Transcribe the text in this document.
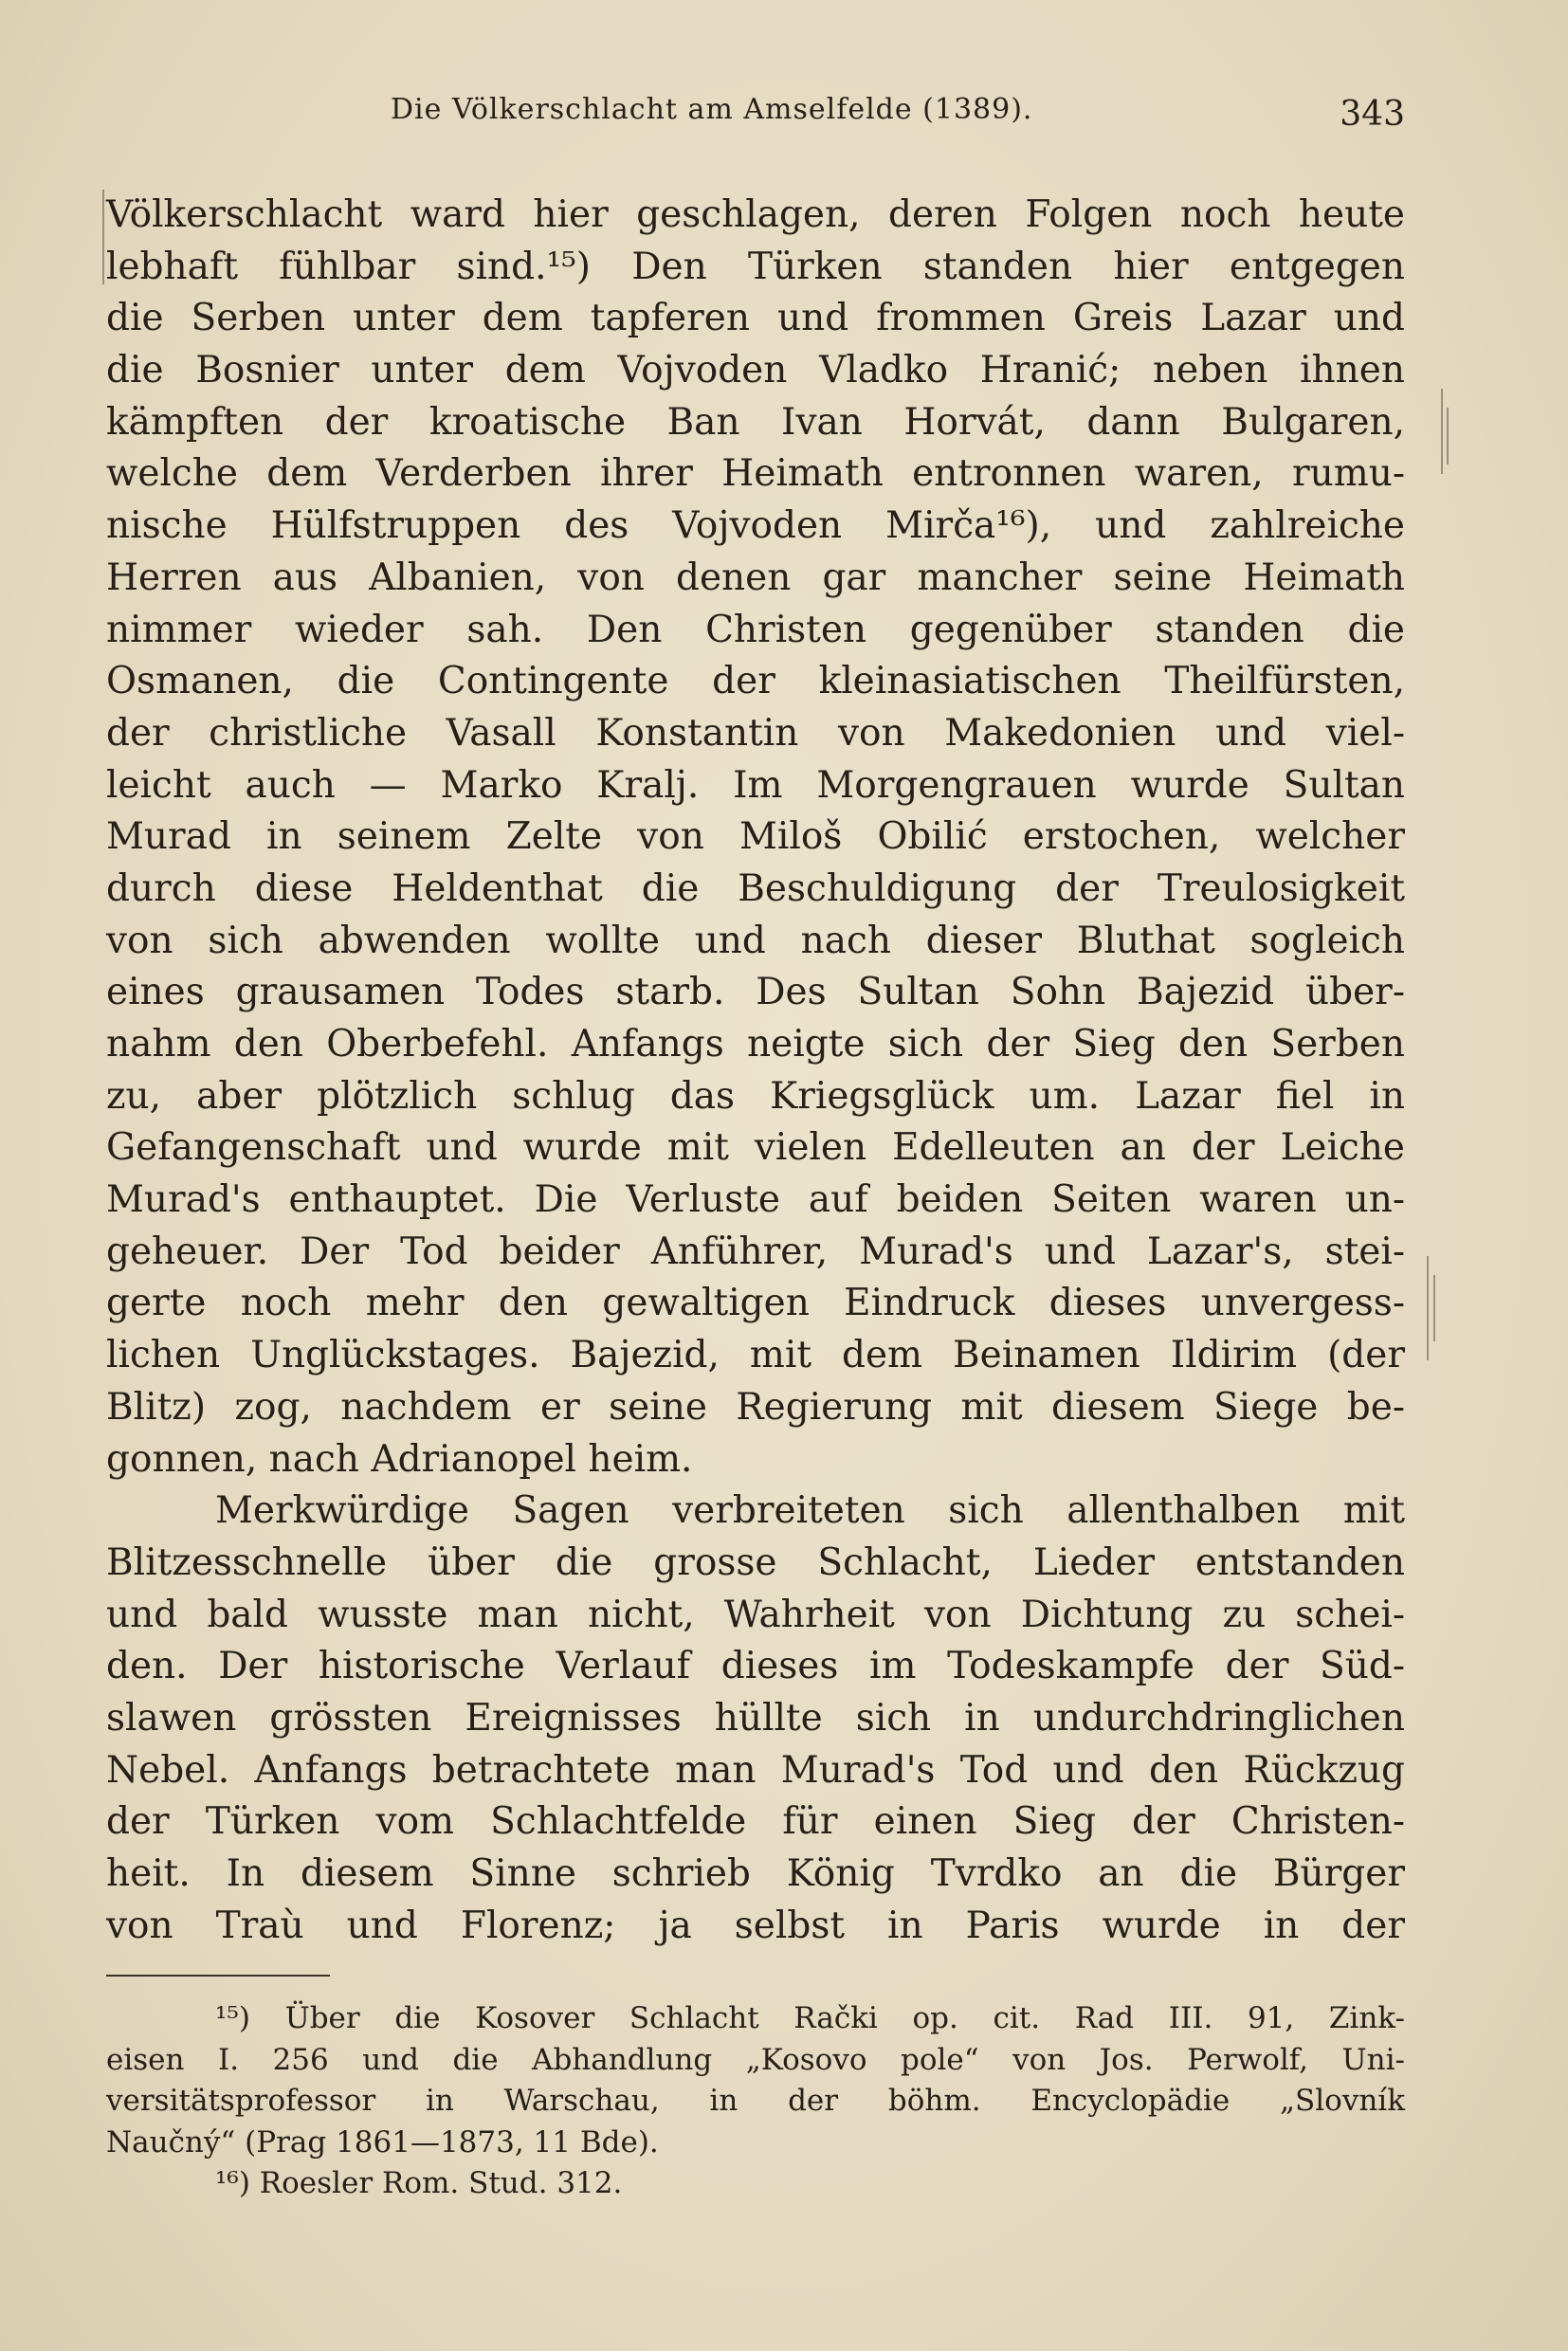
Die Völkerschlacht am Amselfelde (1389).	343
Völkerschlacht ward hier geschlagen, deren Folgen noch heute
lebhaft fühlbar sind.¹⁵) Den Türken standen hier entgegen
die Serben unter dem tapferen und frommen Greis Lazar und
die Bosnier unter dem Vojvoden Vladko Hranić; neben ihnen
kämpften der kroatische Ban Ivan Horvát, dann Bulgaren,
welche dem Verderben ihrer Heimath entronnen waren, rumu-
nische Hülfstruppen des Vojvoden Mirča¹⁶), und zahlreiche
Herren aus Albanien, von denen gar mancher seine Heimath
nimmer wieder sah. Den Christen gegenüber standen die
Osmanen, die Contingente der kleinasiatischen Theilfürsten,
der christliche Vasall Konstantin von Makedonien und viel-
leicht auch — Marko Kralj. Im Morgengrauen wurde Sultan
Murad in seinem Zelte von Miloš Obilić erstochen, welcher
durch diese Heldenthat die Beschuldigung der Treulosigkeit
von sich abwenden wollte und nach dieser Bluthat sogleich
eines grausamen Todes starb. Des Sultan Sohn Bajezid über-
nahm den Oberbefehl. Anfangs neigte sich der Sieg den Serben
zu, aber plötzlich schlug das Kriegsglück um. Lazar fiel in
Gefangenschaft und wurde mit vielen Edelleuten an der Leiche
Murad's enthauptet. Die Verluste auf beiden Seiten waren un-
geheuer. Der Tod beider Anführer, Murad's und Lazar's, stei-
gerte noch mehr den gewaltigen Eindruck dieses unvergess-
lichen Unglückstages. Bajezid, mit dem Beinamen Ildirim (der
Blitz) zog, nachdem er seine Regierung mit diesem Siege be-
gonnen, nach Adrianopel heim.
Merkwürdige Sagen verbreiteten sich allenthalben mit
Blitzesschnelle über die grosse Schlacht, Lieder entstanden
und bald wusste man nicht, Wahrheit von Dichtung zu schei-
den. Der historische Verlauf dieses im Todeskampfe der Süd-
slawen grössten Ereignisses hüllte sich in undurchdringlichen
Nebel. Anfangs betrachtete man Murad's Tod und den Rückzug
der Türken vom Schlachtfelde für einen Sieg der Christen-
heit. In diesem Sinne schrieb König Tvrdko an die Bürger
von Traù und Florenz; ja selbst in Paris wurde in der
¹⁵) Über die Kosover Schlacht Rački op. cit. Rad III. 91, Zink-
eisen I. 256 und die Abhandlung „Kosovo pole“ von Jos. Perwolf, Uni-
versitätsprofessor in Warschau, in der böhm. Encyclopädie „Slovník
Naučný“ (Prag 1861—1873, 11 Bde).
¹⁶) Roesler Rom. Stud. 312.
